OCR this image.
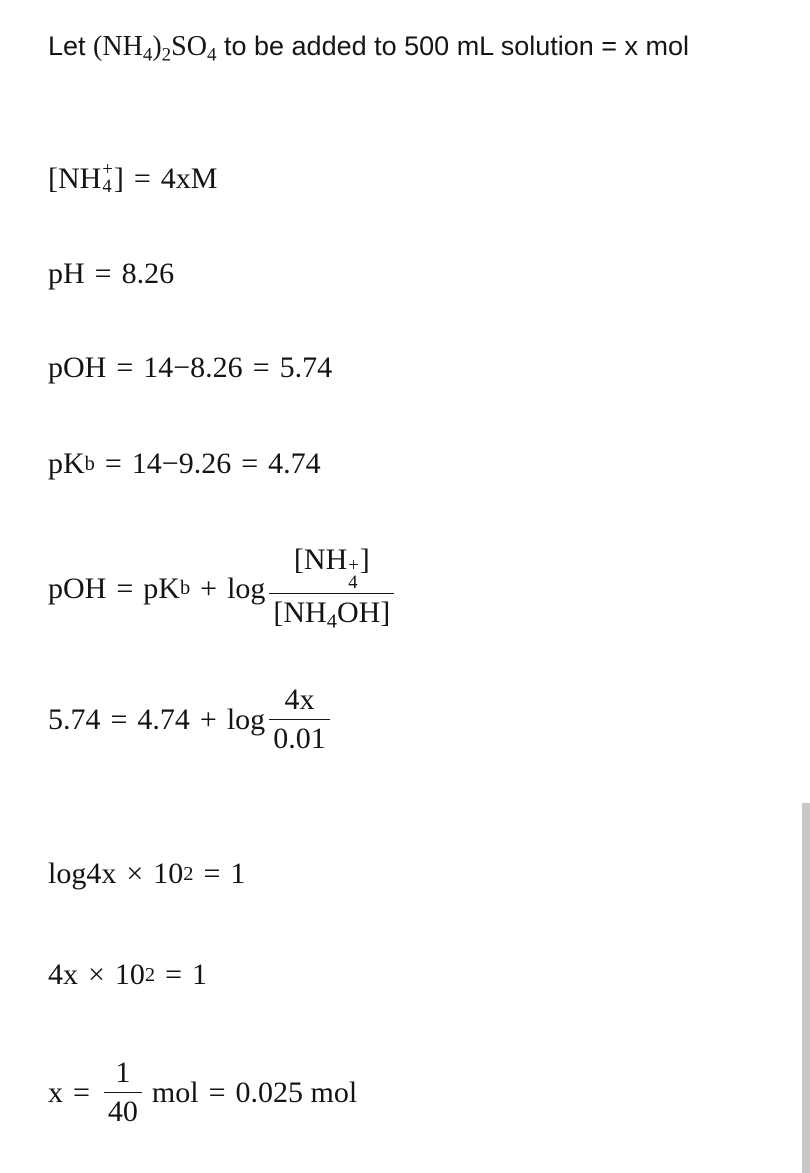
Let $(NH_4)_2SO_4$ to be added to 500 mL solution = x mol
[NH +
4 ] = 4xM
pH = 8.26
pOH = 14−8.26 = 5.74
pK b = 14−9.26 = 4.74
pOH = pK b + log [NH +
4
]
$[NH_4OH]$
$5.74 = 4.74 + \log \frac{4x}{0.01}$
log4x × 10 2 = 1
4x × 10 2 = 1
$x = \frac{1}{40}$ mol = 0.025 mol
